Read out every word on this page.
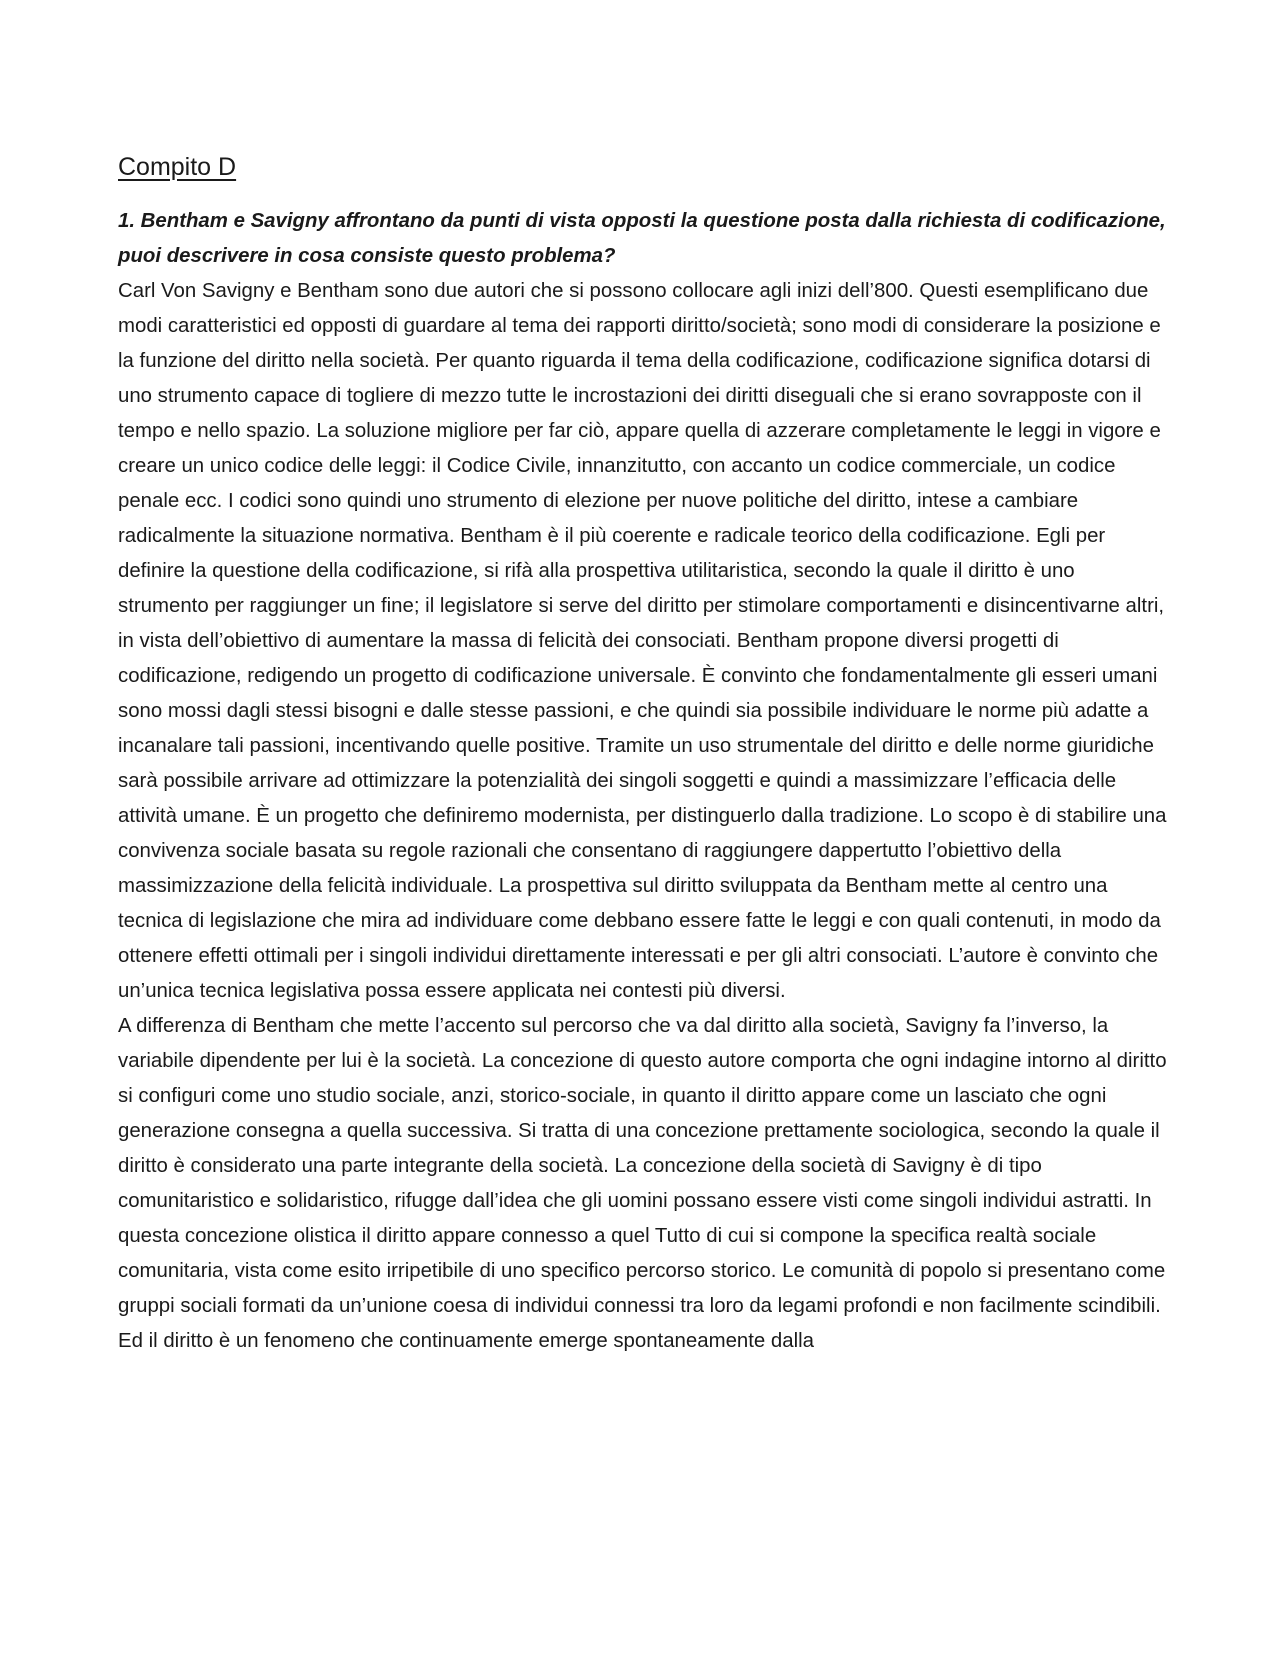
Compito D

1. Bentham e Savigny affrontano da punti di vista opposti la questione posta dalla richiesta di codificazione, puoi descrivere in cosa consiste questo problema?

Carl Von Savigny e Bentham sono due autori che si possono collocare agli inizi dell’800. Questi esemplificano due modi caratteristici ed opposti di guardare al tema dei rapporti diritto/società; sono modi di considerare la posizione e la funzione del diritto nella società. Per quanto riguarda il tema della codificazione, codificazione significa dotarsi di uno strumento capace di togliere di mezzo tutte le incrostazioni dei diritti diseguali che si erano sovrapposte con il tempo e nello spazio. La soluzione migliore per far ciò, appare quella di azzerare completamente le leggi in vigore e creare un unico codice delle leggi: il Codice Civile, innanzitutto, con accanto un codice commerciale, un codice penale ecc. I codici sono quindi uno strumento di elezione per nuove politiche del diritto, intese a cambiare radicalmente la situazione normativa. Bentham è il più coerente e radicale teorico della codificazione. Egli per definire la questione della codificazione, si rifà alla prospettiva utilitaristica, secondo la quale il diritto è uno strumento per raggiunger un fine; il legislatore si serve del diritto per stimolare comportamenti e disincentivarne altri, in vista dell’obiettivo di aumentare la massa di felicità dei consociati. Bentham propone diversi progetti di codificazione, redigendo un progetto di codificazione universale. È convinto che fondamentalmente gli esseri umani sono mossi dagli stessi bisogni e dalle stesse passioni, e che quindi sia possibile individuare le norme più adatte a incanalare tali passioni, incentivando quelle positive. Tramite un uso strumentale del diritto e delle norme giuridiche sarà possibile arrivare ad ottimizzare la potenzialità dei singoli soggetti e quindi a massimizzare l’efficacia delle attività umane. È un progetto che definiremo modernista, per distinguerlo dalla tradizione. Lo scopo è di stabilire una convivenza sociale basata su regole razionali che consentano di raggiungere dappertutto l’obiettivo della massimizzazione della felicità individuale. La prospettiva sul diritto sviluppata da Bentham mette al centro una tecnica di legislazione che mira ad individuare come debbano essere fatte le leggi e con quali contenuti, in modo da ottenere effetti ottimali per i singoli individui direttamente interessati e per gli altri consociati. L’autore è convinto che un’unica tecnica legislativa possa essere applicata nei contesti più diversi.

A differenza di Bentham che mette l’accento sul percorso che va dal diritto alla società, Savigny fa l’inverso, la variabile dipendente per lui è la società. La concezione di questo autore comporta che ogni indagine intorno al diritto si configuri come uno studio sociale, anzi, storico-sociale, in quanto il diritto appare come un lasciato che ogni generazione consegna a quella successiva. Si tratta di una concezione prettamente sociologica, secondo la quale il diritto è considerato una parte integrante della società. La concezione della società di Savigny è di tipo comunitaristico e solidaristico, rifugge dall’idea che gli uomini possano essere visti come singoli individui astratti. In questa concezione olistica il diritto appare connesso a quel Tutto di cui si compone la specifica realtà sociale comunitaria, vista come esito irripetibile di uno specifico percorso storico. Le comunità di popolo si presentano come gruppi sociali formati da un’unione coesa di individui connessi tra loro da legami profondi e non facilmente scindibili. Ed il diritto è un fenomeno che continuamente emerge spontaneamente dalla
